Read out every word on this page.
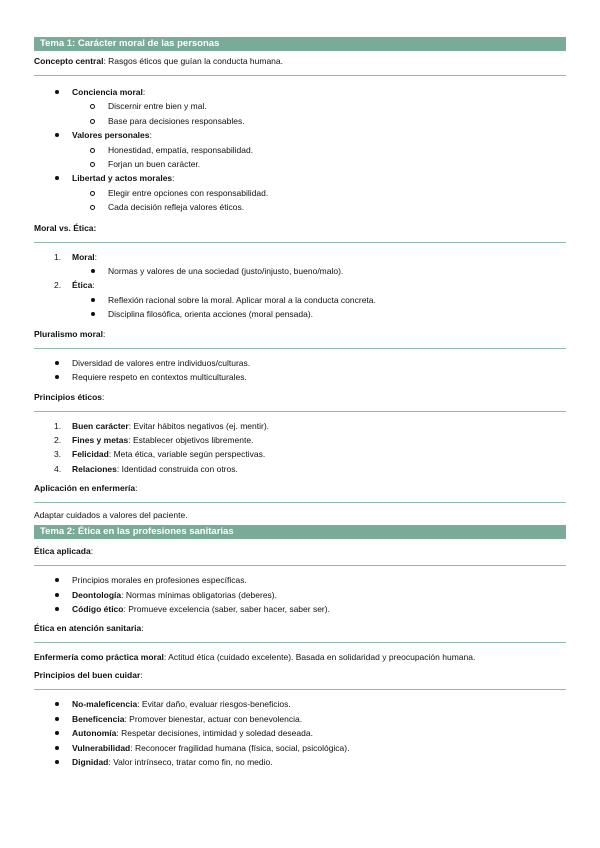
Tema 1: Carácter moral de las personas
Concepto central: Rasgos éticos que guían la conducta humana.
Conciencia moral:
Discernir entre bien y mal.
Base para decisiones responsables.
Valores personales:
Honestidad, empatía, responsabilidad.
Forjan un buen carácter.
Libertad y actos morales:
Elegir entre opciones con responsabilidad.
Cada decisión refleja valores éticos.
Moral vs. Ética:
1. Moral:
Normas y valores de una sociedad (justo/injusto, bueno/malo).
2. Ética:
Reflexión racional sobre la moral. Aplicar moral a la conducta concreta.
Disciplina filosófica, orienta acciones (moral pensada).
Pluralismo moral:
Diversidad de valores entre individuos/culturas.
Requiere respeto en contextos multiculturales.
Principios éticos:
1. Buen carácter: Evitar hábitos negativos (ej. mentir).
2. Fines y metas: Establecer objetivos libremente.
3. Felicidad: Meta ética, variable según perspectivas.
4. Relaciones: Identidad construida con otros.
Aplicación en enfermería:
Adaptar cuidados a valores del paciente.
Tema 2: Ética en las profesiones sanitarias
Ética aplicada:
Principios morales en profesiones específicas.
Deontología: Normas mínimas obligatorias (deberes).
Código ético: Promueve excelencia (saber, saber hacer, saber ser).
Ética en atención sanitaria:
Enfermería como práctica moral: Actitud ética (cuidado excelente). Basada en solidaridad y preocupación humana.
Principios del buen cuidar:
No-maleficencia: Evitar daño, evaluar riesgos-beneficios.
Beneficencia: Promover bienestar, actuar con benevolencia.
Autonomía: Respetar decisiones, intimidad y soledad deseada.
Vulnerabilidad: Reconocer fragilidad humana (física, social, psicológica).
Dignidad: Valor intrínseco, tratar como fin, no medio.
